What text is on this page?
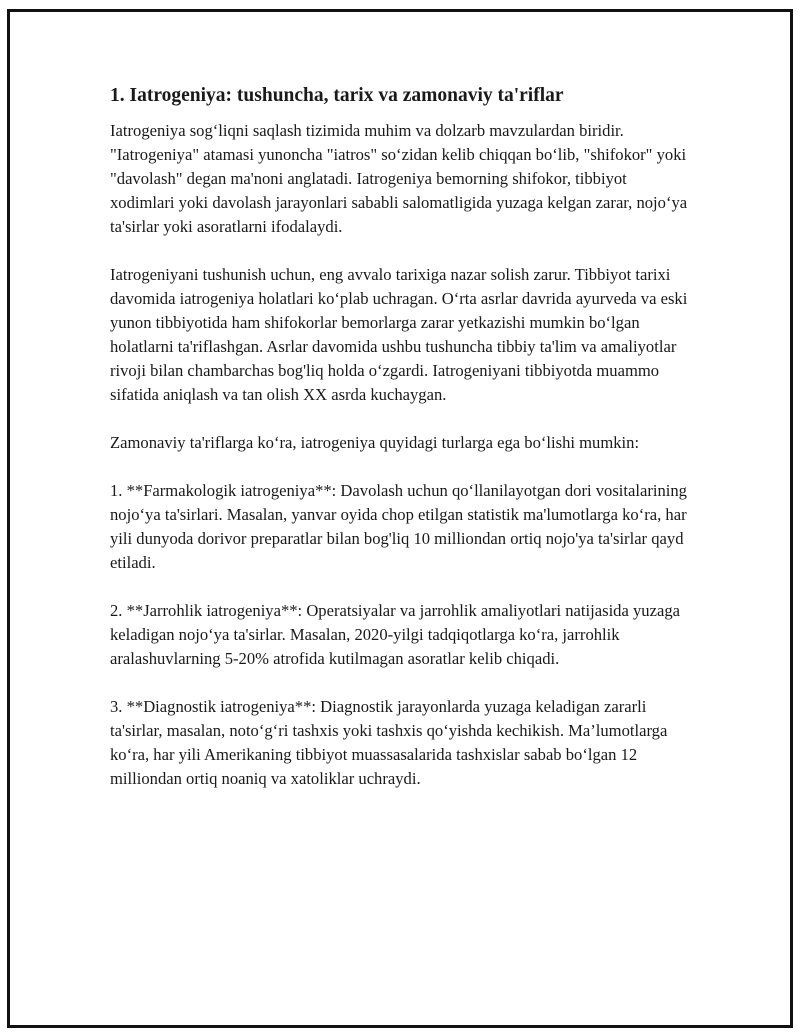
1. Iatrogeniya: tushuncha, tarix va zamonaviy ta'riflar

Iatrogeniya sog‘liqni saqlash tizimida muhim va dolzarb mavzulardan biridir. "Iatrogeniya" atamasi yunoncha "iatros" so‘zidan kelib chiqqan bo‘lib, "shifokor" yoki "davolash" degan ma'noni anglatadi. Iatrogeniya bemorning shifokor, tibbiyot xodimlari yoki davolash jarayonlari sababli salomatligida yuzaga kelgan zarar, nojo‘ya ta'sirlar yoki asoratlarni ifodalaydi.

Iatrogeniyani tushunish uchun, eng avvalo tarixiga nazar solish zarur. Tibbiyot tarixi davomida iatrogeniya holatlari ko‘plab uchragan. O‘rta asrlar davrida ayurveda va eski yunon tibbiyotida ham shifokorlar bemorlarga zarar yetkazishi mumkin bo‘lgan holatlarni ta'riflashgan. Asrlar davomida ushbu tushuncha tibbiy ta'lim va amaliyotlar rivoji bilan chambarchas bog'liq holda o‘zgardi. Iatrogeniyani tibbiyotda muammo sifatida aniqlash va tan olish XX asrda kuchaygan.

Zamonaviy ta'riflarga ko‘ra, iatrogeniya quyidagi turlarga ega bo‘lishi mumkin:

1. **Farmakologik iatrogeniya**: Davolash uchun qo‘llanilayotgan dori vositalarining nojo‘ya ta'sirlari. Masalan, yanvar oyida chop etilgan statistik ma'lumotlarga ko‘ra, har yili dunyoda dorivor preparatlar bilan bog'liq 10 milliondan ortiq nojo'ya ta'sirlar qayd etiladi.

2. **Jarrohlik iatrogeniya**: Operatsiyalar va jarrohlik amaliyotlari natijasida yuzaga keladigan nojo‘ya ta'sirlar. Masalan, 2020-yilgi tadqiqotlarga ko‘ra, jarrohlik aralashuvlarning 5-20% atrofida kutilmagan asoratlar kelib chiqadi.

3. **Diagnostik iatrogeniya**: Diagnostik jarayonlarda yuzaga keladigan zararli ta'sirlar, masalan, noto‘g‘ri tashxis yoki tashxis qo‘yishda kechikish. Ma’lumotlarga ko‘ra, har yili Amerikaning tibbiyot muassasalarida tashxislar sabab bo‘lgan 12 milliondan ortiq noaniq va xatoliklar uchraydi.
